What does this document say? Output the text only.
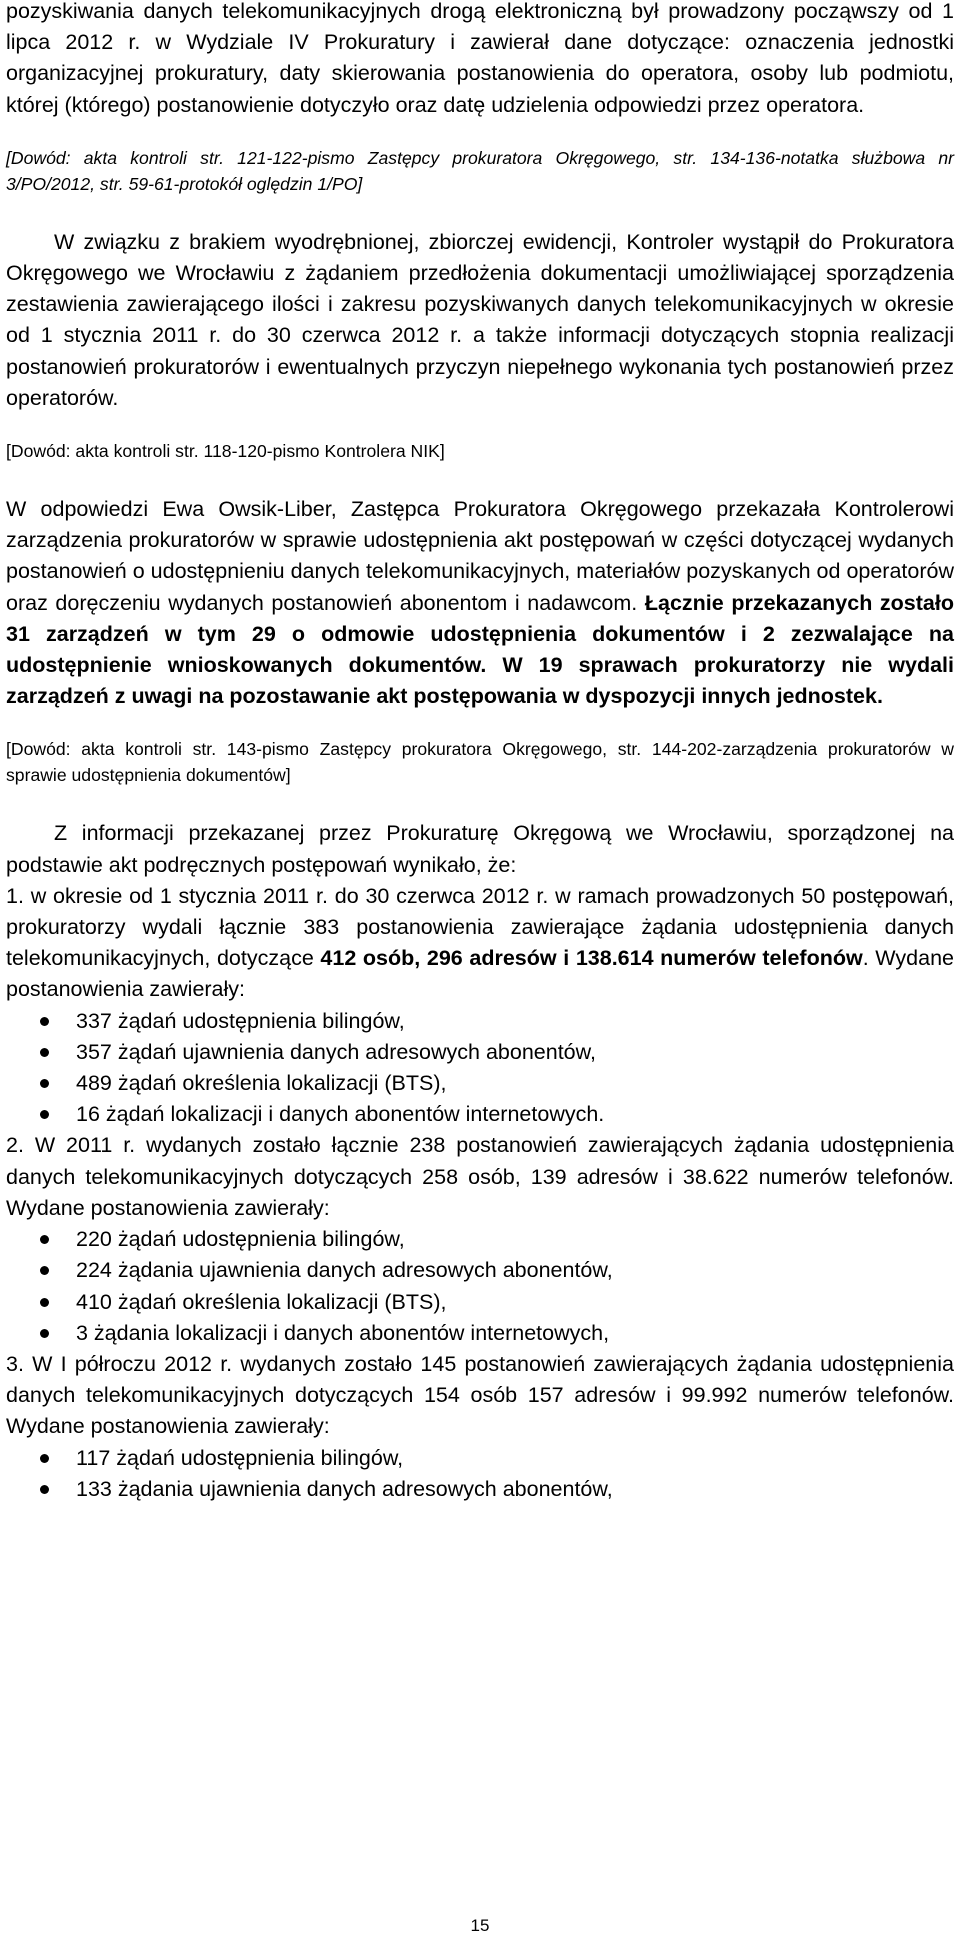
pozyskiwania danych telekomunikacyjnych drogą elektroniczną był prowadzony począwszy od 1 lipca 2012 r. w Wydziale IV Prokuratury i zawierał dane dotyczące: oznaczenia jednostki organizacyjnej prokuratury, daty skierowania postanowienia do operatora, osoby lub podmiotu, której (którego) postanowienie dotyczyło oraz datę udzielenia odpowiedzi przez operatora.

[Dowód: akta kontroli str. 121-122-pismo Zastępcy prokuratora Okręgowego, str. 134-136-notatka służbowa nr 3/PO/2012, str. 59-61-protokół oględzin 1/PO]

W związku z brakiem wyodrębnionej, zbiorczej ewidencji, Kontroler wystąpił do Prokuratora Okręgowego we Wrocławiu z żądaniem przedłożenia dokumentacji umożliwiającej sporządzenia zestawienia zawierającego ilości i zakresu pozyskiwanych danych telekomunikacyjnych w okresie od 1 stycznia 2011 r. do 30 czerwca 2012 r. a także informacji dotyczących stopnia realizacji postanowień prokuratorów i ewentualnych przyczyn niepełnego wykonania tych postanowień przez operatorów.

[Dowód: akta kontroli str. 118-120-pismo Kontrolera NIK]

W odpowiedzi Ewa Owsik-Liber, Zastępca Prokuratora Okręgowego przekazała Kontrolerowi zarządzenia prokuratorów w sprawie udostępnienia akt postępowań w części dotyczącej wydanych postanowień o udostępnieniu danych telekomunikacyjnych, materiałów pozyskanych od operatorów oraz doręczeniu wydanych postanowień abonentom i nadawcom. Łącznie przekazanych zostało 31 zarządzeń w tym 29 o odmowie udostępnienia dokumentów i 2 zezwalające na udostępnienie wnioskowanych dokumentów. W 19 sprawach prokuratorzy nie wydali zarządzeń z uwagi na pozostawanie akt postępowania w dyspozycji innych jednostek.

[Dowód: akta kontroli str. 143-pismo Zastępcy prokuratora Okręgowego, str. 144-202-zarządzenia prokuratorów w sprawie udostępnienia dokumentów]

Z informacji przekazanej przez Prokuraturę Okręgową we Wrocławiu, sporządzonej na podstawie akt podręcznych postępowań wynikało, że:

1. w okresie od 1 stycznia 2011 r. do 30 czerwca 2012 r. w ramach prowadzonych 50 postępowań, prokuratorzy wydali łącznie 383 postanowienia zawierające żądania udostępnienia danych telekomunikacyjnych, dotyczące 412 osób, 296 adresów i 138.614 numerów telefonów. Wydane postanowienia zawierały:

337 żądań udostępnienia bilingów,
357 żądań ujawnienia danych adresowych abonentów,
489 żądań określenia lokalizacji (BTS),
16 żądań lokalizacji i danych abonentów internetowych.

2. W 2011 r. wydanych zostało łącznie 238 postanowień zawierających żądania udostępnienia danych telekomunikacyjnych dotyczących 258 osób, 139 adresów i 38.622 numerów telefonów. Wydane postanowienia zawierały:

220 żądań udostępnienia bilingów,
224 żądania ujawnienia danych adresowych abonentów,
410 żądań określenia lokalizacji (BTS),
3 żądania lokalizacji i danych abonentów internetowych,

3. W I półroczu 2012 r. wydanych zostało 145 postanowień zawierających żądania udostępnienia danych telekomunikacyjnych dotyczących 154 osób 157 adresów i 99.992 numerów telefonów. Wydane postanowienia zawierały:

117 żądań udostępnienia bilingów,
133 żądania ujawnienia danych adresowych abonentów,
15
